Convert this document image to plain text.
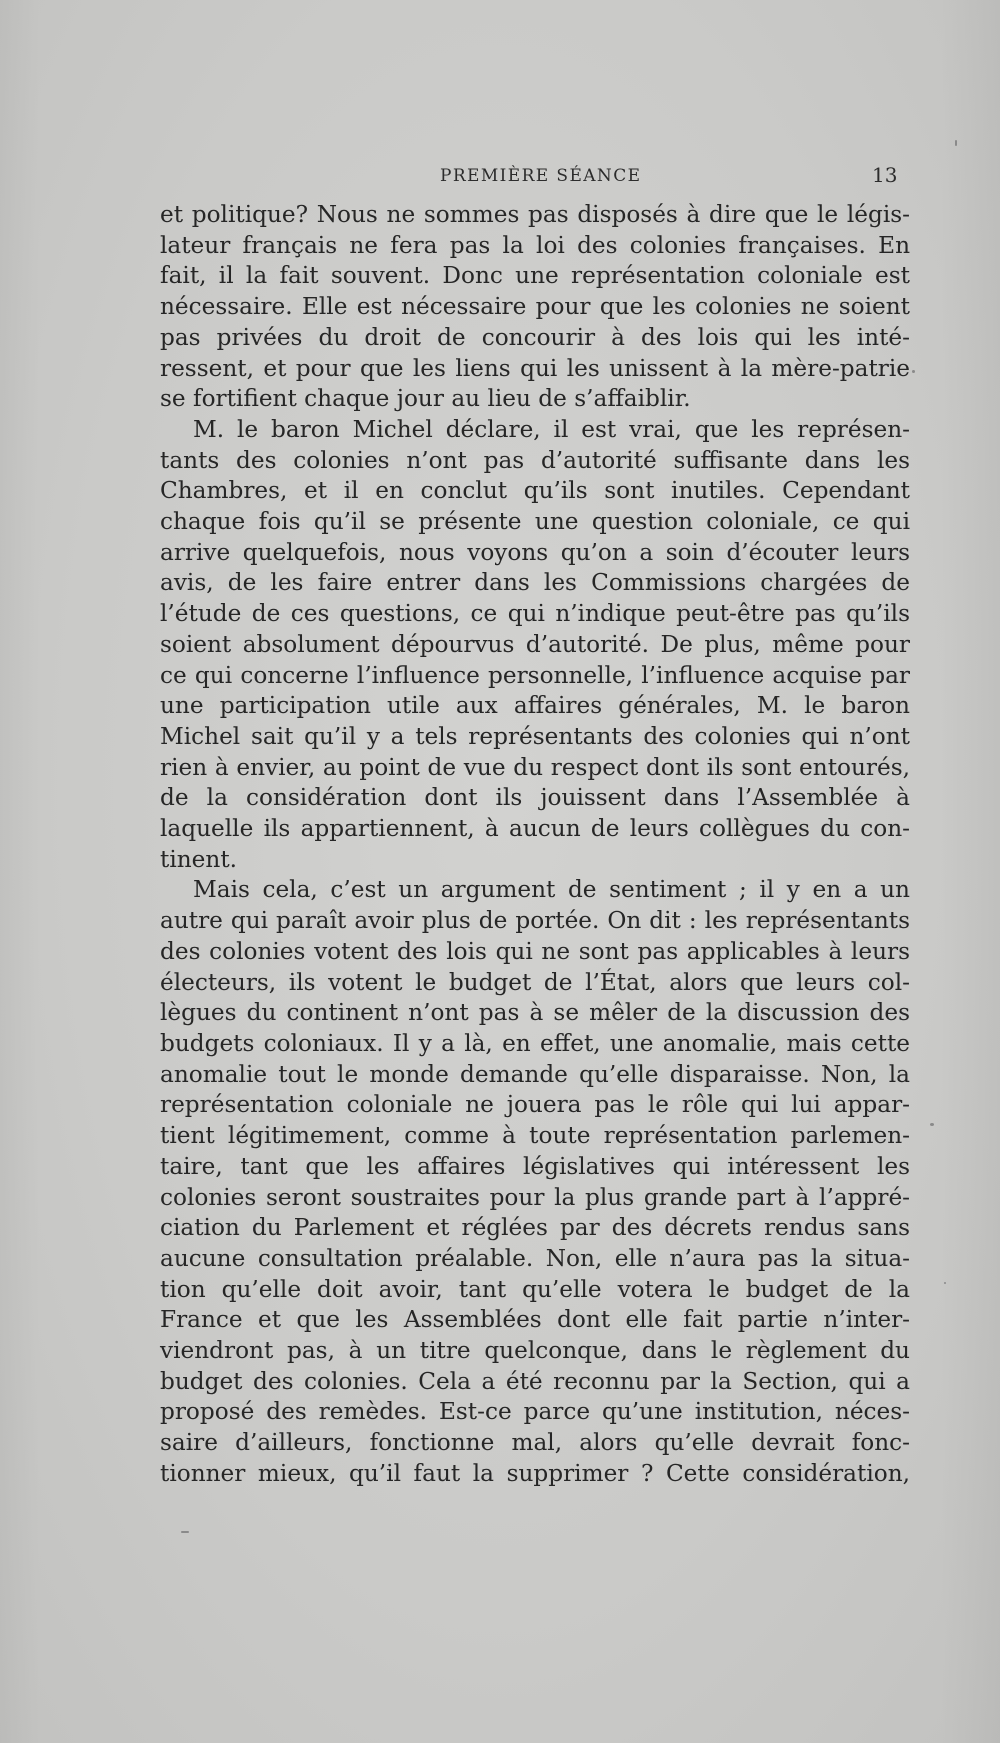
PREMIÈRE SÉANCE	13
et politique? Nous ne sommes pas disposés à dire que le légis-
lateur français ne fera pas la loi des colonies françaises. En
fait, il la fait souvent. Donc une représentation coloniale est
nécessaire. Elle est nécessaire pour que les colonies ne soient
pas privées du droit de concourir à des lois qui les inté-
ressent, et pour que les liens qui les unissent à la mère-patrie
se fortifient chaque jour au lieu de s’affaiblir.
M. le baron Michel déclare, il est vrai, que les représen-
tants des colonies n’ont pas d’autorité suffisante dans les
Chambres, et il en conclut qu’ils sont inutiles. Cependant
chaque fois qu’il se présente une question coloniale, ce qui
arrive quelquefois, nous voyons qu’on a soin d’écouter leurs
avis, de les faire entrer dans les Commissions chargées de
l’étude de ces questions, ce qui n’indique peut-être pas qu’ils
soient absolument dépourvus d’autorité. De plus, même pour
ce qui concerne l’influence personnelle, l’influence acquise par
une participation utile aux affaires générales, M. le baron
Michel sait qu’il y a tels représentants des colonies qui n’ont
rien à envier, au point de vue du respect dont ils sont entourés,
de la considération dont ils jouissent dans l’Assemblée à
laquelle ils appartiennent, à aucun de leurs collègues du con-
tinent.
Mais cela, c’est un argument de sentiment ; il y en a un
autre qui paraît avoir plus de portée. On dit : les représentants
des colonies votent des lois qui ne sont pas applicables à leurs
électeurs, ils votent le budget de l’État, alors que leurs col-
lègues du continent n’ont pas à se mêler de la discussion des
budgets coloniaux. Il y a là, en effet, une anomalie, mais cette
anomalie tout le monde demande qu’elle disparaisse. Non, la
représentation coloniale ne jouera pas le rôle qui lui appar-
tient légitimement, comme à toute représentation parlemen-
taire, tant que les affaires législatives qui intéressent les
colonies seront soustraites pour la plus grande part à l’appré-
ciation du Parlement et réglées par des décrets rendus sans
aucune consultation préalable. Non, elle n’aura pas la situa-
tion qu’elle doit avoir, tant qu’elle votera le budget de la
France et que les Assemblées dont elle fait partie n’inter-
viendront pas, à un titre quelconque, dans le règlement du
budget des colonies. Cela a été reconnu par la Section, qui a
proposé des remèdes. Est-ce parce qu’une institution, néces-
saire d’ailleurs, fonctionne mal, alors qu’elle devrait fonc-
tionner mieux, qu’il faut la supprimer ? Cette considération,
